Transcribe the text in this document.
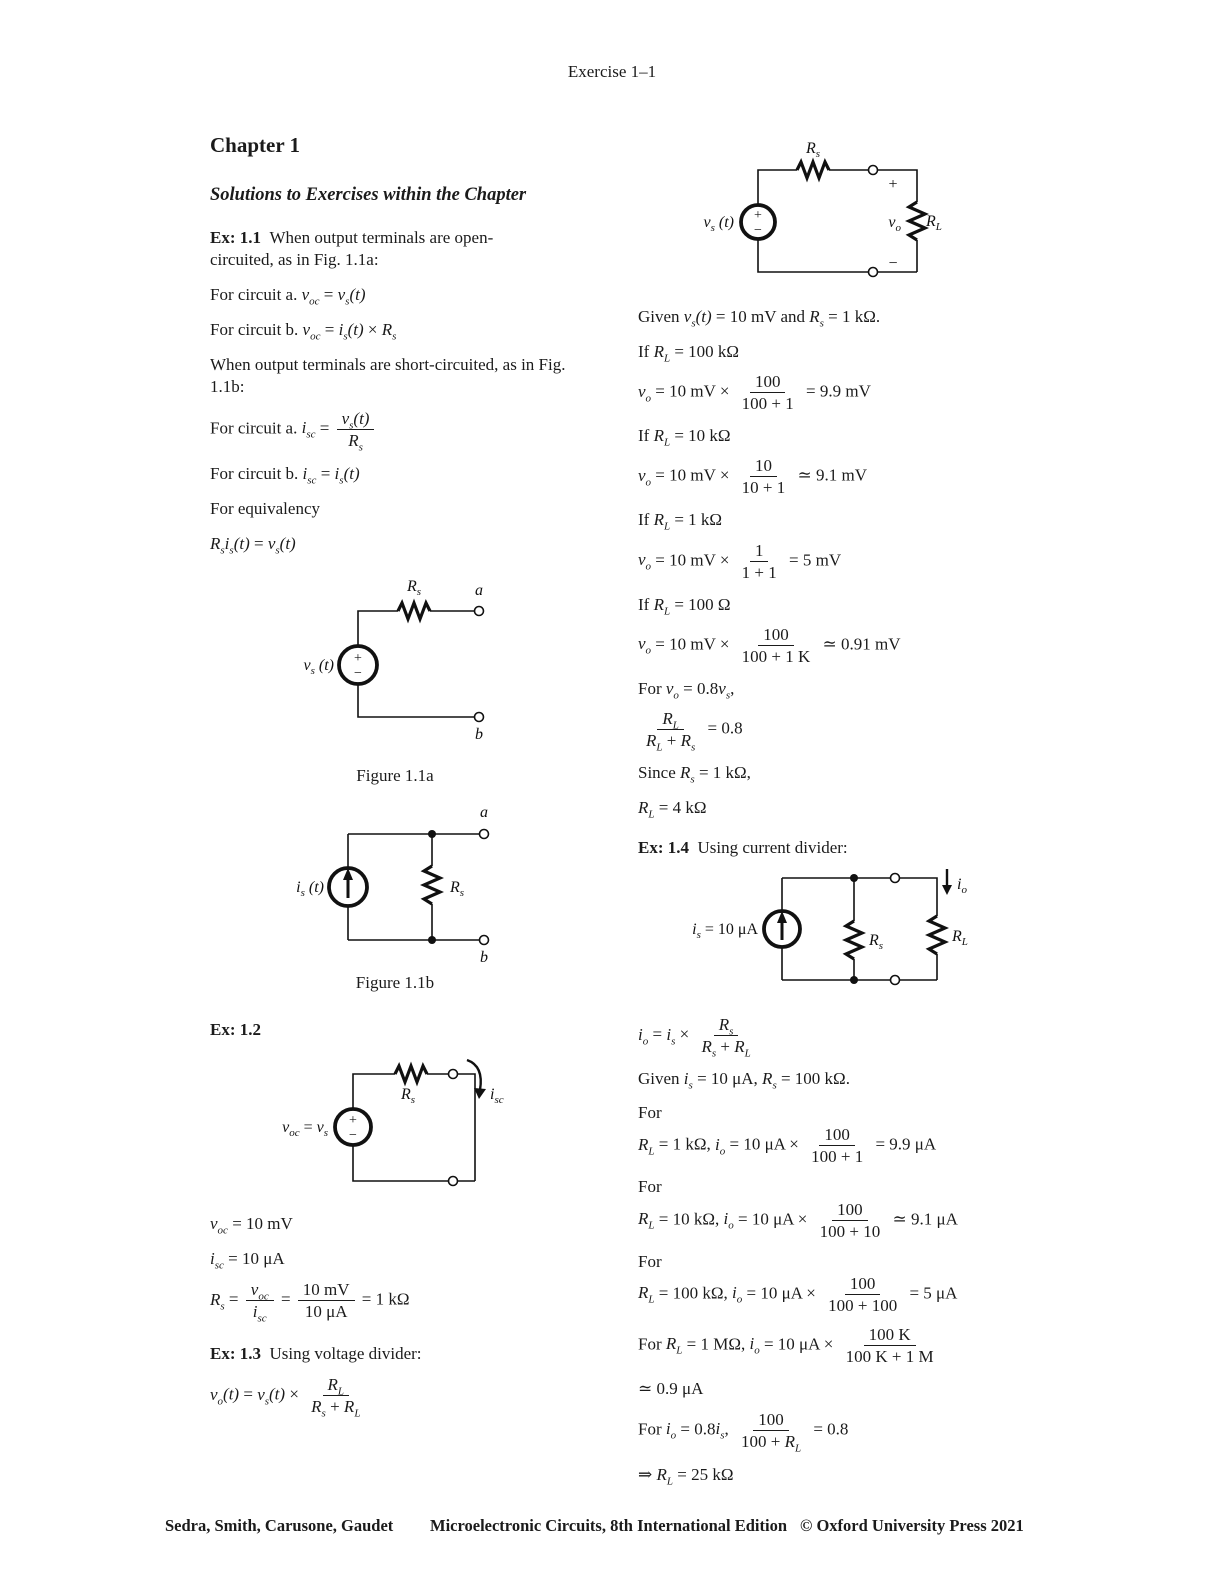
Exercise 1–1
Chapter 1
Solutions to Exercises within the Chapter
Ex: 1.1 When output terminals are open-circuited, as in Fig. 1.1a:
For circuit a. $v_{oc} = v_s(t)$
For circuit b. $v_{oc} = i_s(t) \times R_s$
When output terminals are short-circuited, as in Fig. 1.1b:
For circuit a. $i_{sc} = \frac{v_s(t)}{R_s}$
For circuit b. $i_{sc} = i_s(t)$
For equivalency
$R_si_s(t) = v_s(t)$
+
−
$v_s$ (t)
$R_s$	a
b
Figure 1.1a
$i_s$ (t)	$R_s$
a
b
Figure 1.1b
Ex: 1.2
+
−
$v_{oc} = v_s$
$R_s$	$i_{sc}$
$v_{oc} = 10$ mV
$i_{sc} = 10$ μA
$R_s = \frac{v_{oc}}{i_{sc}} = \frac{10 mV}{10 \mu A} = 1$ kΩ
Ex: 1.3 Using voltage divider:
$v_o(t) = v_s(t) \times \frac{R_L}{R_s + R_L}$
+
−
$v_s$ (t)
$R_s$
+
−
$v_o$ $R_L$
Given $v_s(t) = 10$ mV and $R_s = 1$ kΩ.
If $R_L = 100$ kΩ
$v_o = 10$ mV × $\frac{100}{100 + 1} = 9.9$ mV
If $R_L = 10$ kΩ
$v_o = 10$ mV × $\frac{10}{10 + 1}$ ≃ 9.1 mV
If $R_L = 1$ kΩ
$v_o = 10$ mV × $\frac{1}{1 + 1} = 5$ mV
If $R_L = 100$ Ω
$v_o = 10$ mV × $\frac{100}{100 + 1 K}$ ≃ 0.91 mV
For $v_o = 0.8v_s$,
$\frac{R_L}{R_L + R_s} = 0.8$
Since $R_s = 1$ kΩ,
$R_L = 4$ kΩ
Ex: 1.4 Using current divider:
$i_s = 10$ μA
$R_s$
$R_L$
$i_o$
$i_o = i_s \times \frac{R_s}{R_s + R_L}$
Given $i_s = 10$ μA, $R_s = 100$ kΩ.
For
$R_L = 1$ kΩ, $i_o = 10$ $\mu A \times \frac{100}{100 + 1} = 9.9$ μA
For
$R_L = 10$ kΩ, $i_o = 10$ $\mu A \times \frac{100}{100 + 10}$ ≃ 9.1 μA
For
$R_L = 100$ kΩ, $i_o = 10$ $\mu A \times \frac{100}{100 + 100} = 5$ μA
For $R_L = 1$ MΩ, $i_o = 10$ $\mu A \times \frac{100 K}{100 K + 1 M}$
≃ 0.9 μA
For $i_o = 0.8i_s$, $\frac{100}{100 + R_L} = 0.8$
⇒ $R_L = 25$ kΩ
Sedra, Smith, Carusone, Gaudet Microelectronic Circuits, 8th International Edition © Oxford University Press 2021
